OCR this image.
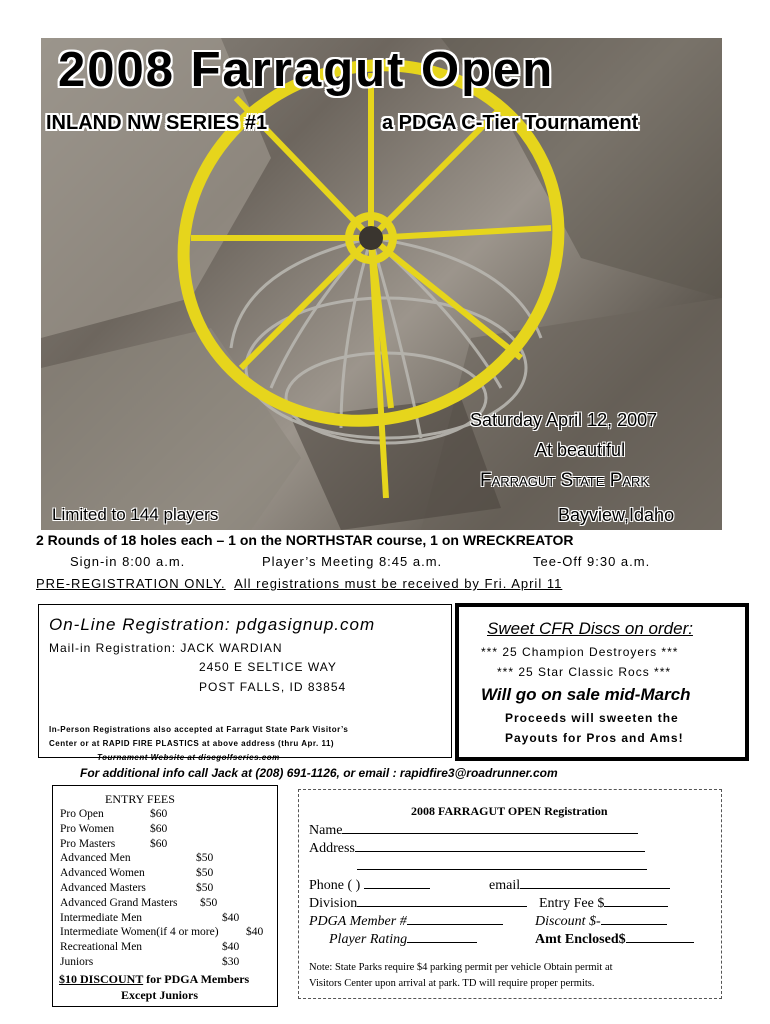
2008 Farragut Open
INLAND NW SERIES #1	a PDGA C-Tier Tournament
Saturday April 12, 2007
At beautiful
Farragut State Park
Limited to 144 players	Bayview,Idaho
2 Rounds of 18 holes each – 1 on the NORTHSTAR course, 1 on WRECKREATOR
Sign-in 8:00 a.m.	Player’s Meeting 8:45 a.m.	Tee-Off 9:30 a.m.
PRE-REGISTRATION ONLY. All registrations must be received by Fri. April 11
On-Line Registration: pdgasignup.com
Mail-in Registration: JACK WARDIAN
2450 E SELTICE WAY
POST FALLS, ID 83854
In-Person Registrations also accepted at Farragut State Park Visitor’s
Center or at RAPID FIRE PLASTICS at above address (thru Apr. 11)
Tournament Website at discgolfseries.com
Sweet CFR Discs on order:
*** 25 Champion Destroyers ***
*** 25 Star Classic Rocs ***
Will go on sale mid-March
Proceeds will sweeten the
Payouts for Pros and Ams!
For additional info call Jack at (208) 691-1126, or email : rapidfire3@roadrunner.com
ENTRY FEES
Pro Open	$60
Pro Women	$60
Pro Masters	$60
Advanced Men	$50
Advanced Women	$50
Advanced Masters	$50
Advanced Grand Masters $50
Intermediate Men	$40
Intermediate Women(if 4 or more) $40
Recreational Men	$40
Juniors	$30
$10 DISCOUNT for PDGA Members
Except Juniors
2008 FARRAGUT OPEN Registration
Name
Address
Phone ( )	email
Division	Entry Fee $
PDGA Member #	Discount $-
Player Rating	Amt Enclosed$
Note: State Parks require $4 parking permit per vehicle Obtain permit at
Visitors Center upon arrival at park. TD will require proper permits.
